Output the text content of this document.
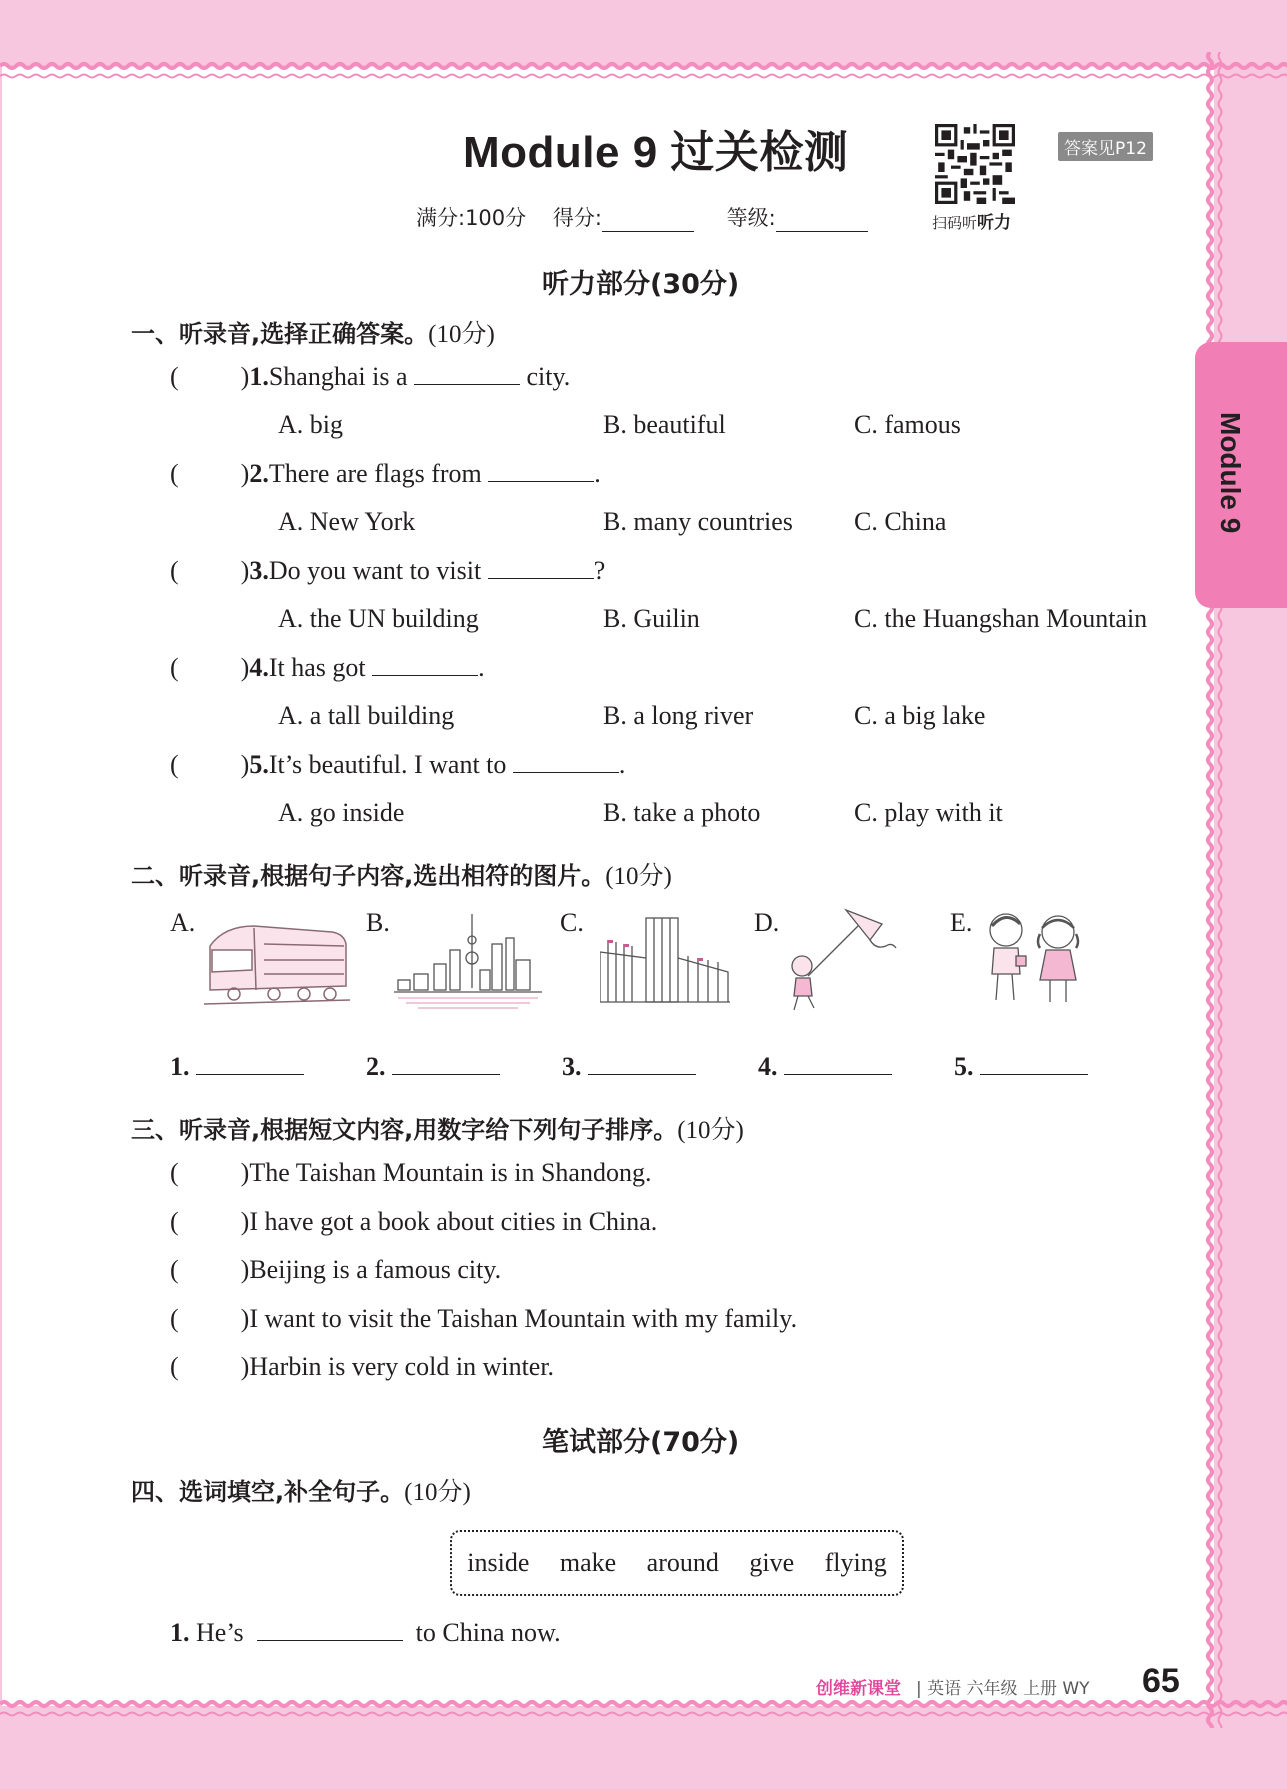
Module 9
Module 9 过关检测
满分:100分 得分:	等级:	扫码听听力
答案见P12
听力部分(30分)
一、听录音,选择正确答案。(10分)
( )1.Shanghai is a	city.
A. big	B. beautiful	C. famous
( )2.There are flags from	.
A. New York	B. many countries C. China
( )3.Do you want to visit	?
A. the UN building	B. Guilin	C. the Huangshan Mountain
( )4.It has got	.
A. a tall building	B. a long river	C. a big lake
( )5.It’s beautiful. I want to	.
A. go inside	B. take a photo	C. play with it
二、听录音,根据句子内容,选出相符的图片。(10分)
A.	B.	C.	D.	E.
1.	2.	3.	4.	5.
三、听录音,根据短文内容,用数字给下列句子排序。(10分)
( )The Taishan Mountain is in Shandong.
( )I have got a book about cities in China.
( )Beijing is a famous city.
( )I want to visit the Taishan Mountain with my family.
( )Harbin is very cold in winter.
笔试部分(70分)
四、选词填空,补全句子。(10分)
inside make around give flying
1. He’s	to China now.
创维新课堂 | 英语 六年级 上册 WY 65
